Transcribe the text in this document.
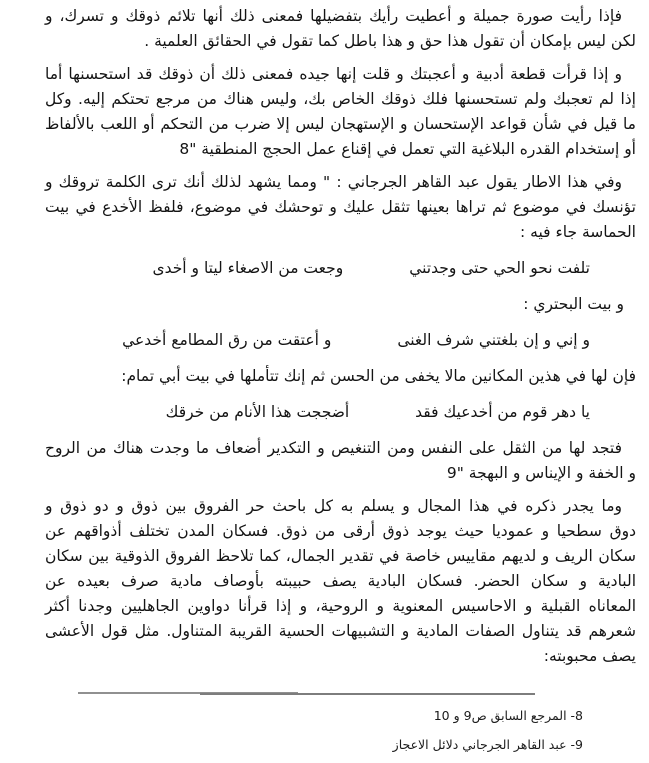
فإذا رأيت صورة جميلة و أعطيت رأيك بتفضيلها فمعنى ذلك أنها تلائم ذوقك و تسرك، و
لكن ليس بإمكان أن تقول هذا حق و هذا باطل كما تقول في الحقائق العلمية .
و إذا قرأت قطعة أدبية و أعجبتك و قلت إنها جيده فمعنى ذلك أن ذوقك قد استحسنها أما
إذا لم تعجبك ولم تستحسنها فلك ذوقك الخاص بك، وليس هناك من مرجع تحتكم إليه. وكل
ما قيل في شأن قواعد الإستحسان و الإستهجان ليس إلا ضرب من التحكم أو اللعب بالألفاظ
أو إستخدام القدره البلاغية التي تعمل في إقناع عمل الحجج المنطقية "8
وفي هذا الاطار يقول عبد القاهر الجرجاني : " ومما يشهد لذلك أنك ترى الكلمة تروقك و
تؤنسك في موضوع ثم تراها بعينها تثقل عليك و توحشك في موضوع، فلفظ الأخدع في بيت
الحماسة جاء فيه :
تلفت نحو الحي حتى وجدتني
وجعت من الاصغاء ليتا و أخدى
و بيت البحتري :
و إني و إن بلغتني شرف الغنى
و أعتقت من رق المطامع أخدعي
فإن لها في هذين المكانين مالا يخفى من الحسن ثم إنك تتأملها في بيت أبي تمام:
يا دهر قوم من أخدعيك فقد
أضججت هذا الأنام من خرقك
فتجد لها من الثقل على النفس ومن التنغيص و التكدير أضعاف ما وجدت هناك من الروح
و الخفة و الإيناس و البهجة "9
وما يجدر ذكره في هذا المجال و يسلم به كل باحث حر الفروق بين ذوق و دو ذوق و
دوق سطحيا و عموديا حيث يوجد ذوق أرقى من ذوق. فسكان المدن تختلف أذواقهم عن
سكان الريف و لديهم مقاييس خاصة في تقدير الجمال، كما تلاحظ الفروق الذوقية بين سكان
البادية و سكان الحضر. فسكان البادية يصف حبيبته بأوصاف مادية صرف بعيده عن
المعاناه القبلية و الاحاسيس المعنوية و الروحية، و إذا قرأنا دواوين الجاهليين وجدنا أكثر
شعرهم قد يتناول الصفات المادية و التشبيهات الحسية القريبة المتناول. مثل قول الأعشى
يصف محبوبته:
8- المرجع السابق ص9 و 10
9- عبد القاهر الجرجاني دلائل الاعجاز
